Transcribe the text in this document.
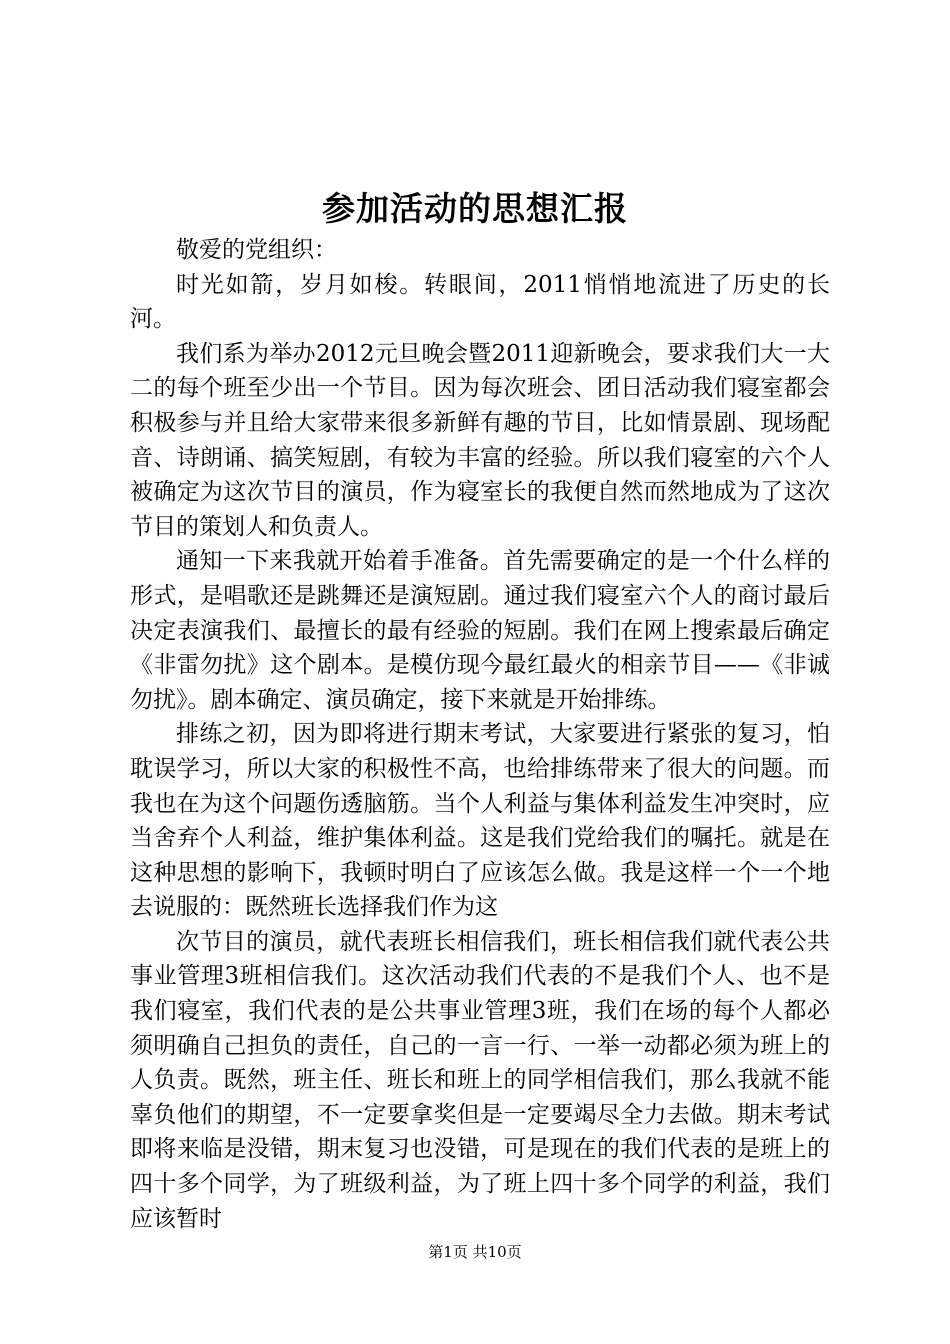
参加活动的思想汇报

敬爱的党组织：

时光如箭，岁月如梭。转眼间，2011悄悄地流进了历史的长河。

我们系为举办2012元旦晚会暨2011迎新晚会，要求我们大一大二的每个班至少出一个节目。因为每次班会、团日活动我们寝室都会积极参与并且给大家带来很多新鲜有趣的节目，比如情景剧、现场配音、诗朗诵、搞笑短剧，有较为丰富的经验。所以我们寝室的六个人被确定为这次节目的演员，作为寝室长的我便自然而然地成为了这次节目的策划人和负责人。

通知一下来我就开始着手准备。首先需要确定的是一个什么样的形式，是唱歌还是跳舞还是演短剧。通过我们寝室六个人的商讨最后决定表演我们、最擅长的最有经验的短剧。我们在网上搜索最后确定《非雷勿扰》这个剧本。是模仿现今最红最火的相亲节目——《非诚勿扰》。剧本确定、演员确定，接下来就是开始排练。

排练之初，因为即将进行期末考试，大家要进行紧张的复习，怕耽误学习，所以大家的积极性不高，也给排练带来了很大的问题。而我也在为这个问题伤透脑筋。当个人利益与集体利益发生冲突时，应当舍弃个人利益，维护集体利益。这是我们党给我们的嘱托。就是在这种思想的影响下，我顿时明白了应该怎么做。我是这样一个一个地去说服的：既然班长选择我们作为这

次节目的演员，就代表班长相信我们，班长相信我们就代表公共事业管理3班相信我们。这次活动我们代表的不是我们个人、也不是我们寝室，我们代表的是公共事业管理3班，我们在场的每个人都必须明确自己担负的责任，自己的一言一行、一举一动都必须为班上的人负责。既然，班主任、班长和班上的同学相信我们，那么我就不能辜负他们的期望，不一定要拿奖但是一定要竭尽全力去做。期末考试即将来临是没错，期末复习也没错，可是现在的我们代表的是班上的四十多个同学，为了班级利益，为了班上四十多个同学的利益，我们应该暂时

第1页 共10页
